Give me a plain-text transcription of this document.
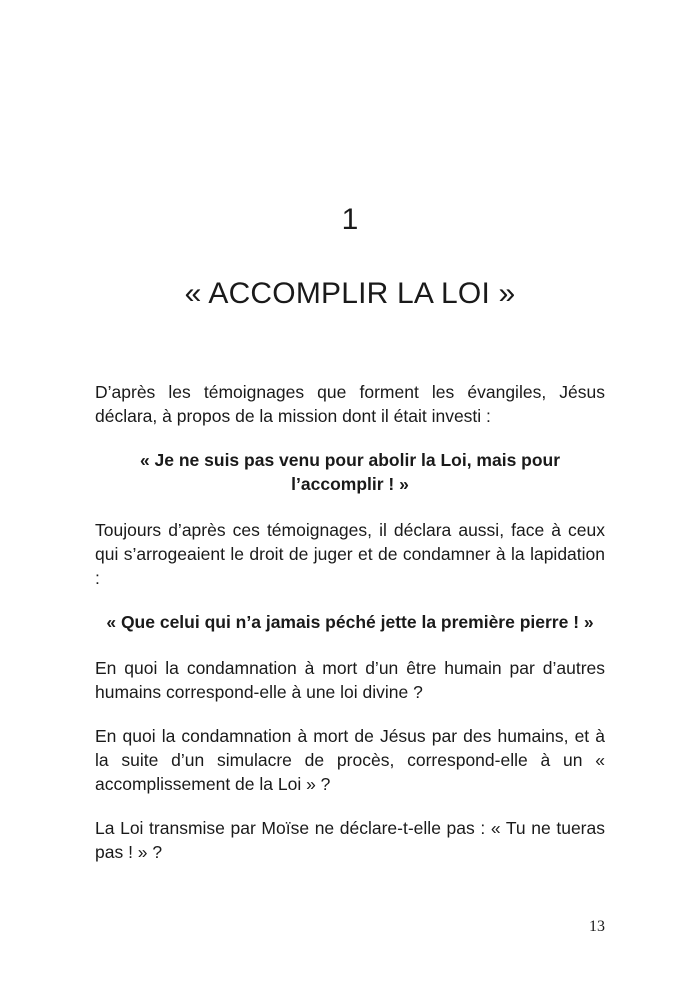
1
« ACCOMPLIR LA LOI »

D’après les témoignages que forment les évangiles, Jésus déclara, à propos de la mission dont il était investi :

« Je ne suis pas venu pour abolir la Loi, mais pour l’accomplir ! »

Toujours d’après ces témoignages, il déclara aussi, face à ceux qui s’arrogeaient le droit de juger et de condamner à la lapidation :

« Que celui qui n’a jamais péché jette la première pierre ! »

En quoi la condamnation à mort d’un être humain par d’autres humains correspond-elle à une loi divine ?

En quoi la condamnation à mort de Jésus par des humains, et à la suite d’un simulacre de procès, correspond-elle à un « accomplissement de la Loi » ?

La Loi transmise par Moïse ne déclare-t-elle pas : « Tu ne tueras pas ! » ?

13
